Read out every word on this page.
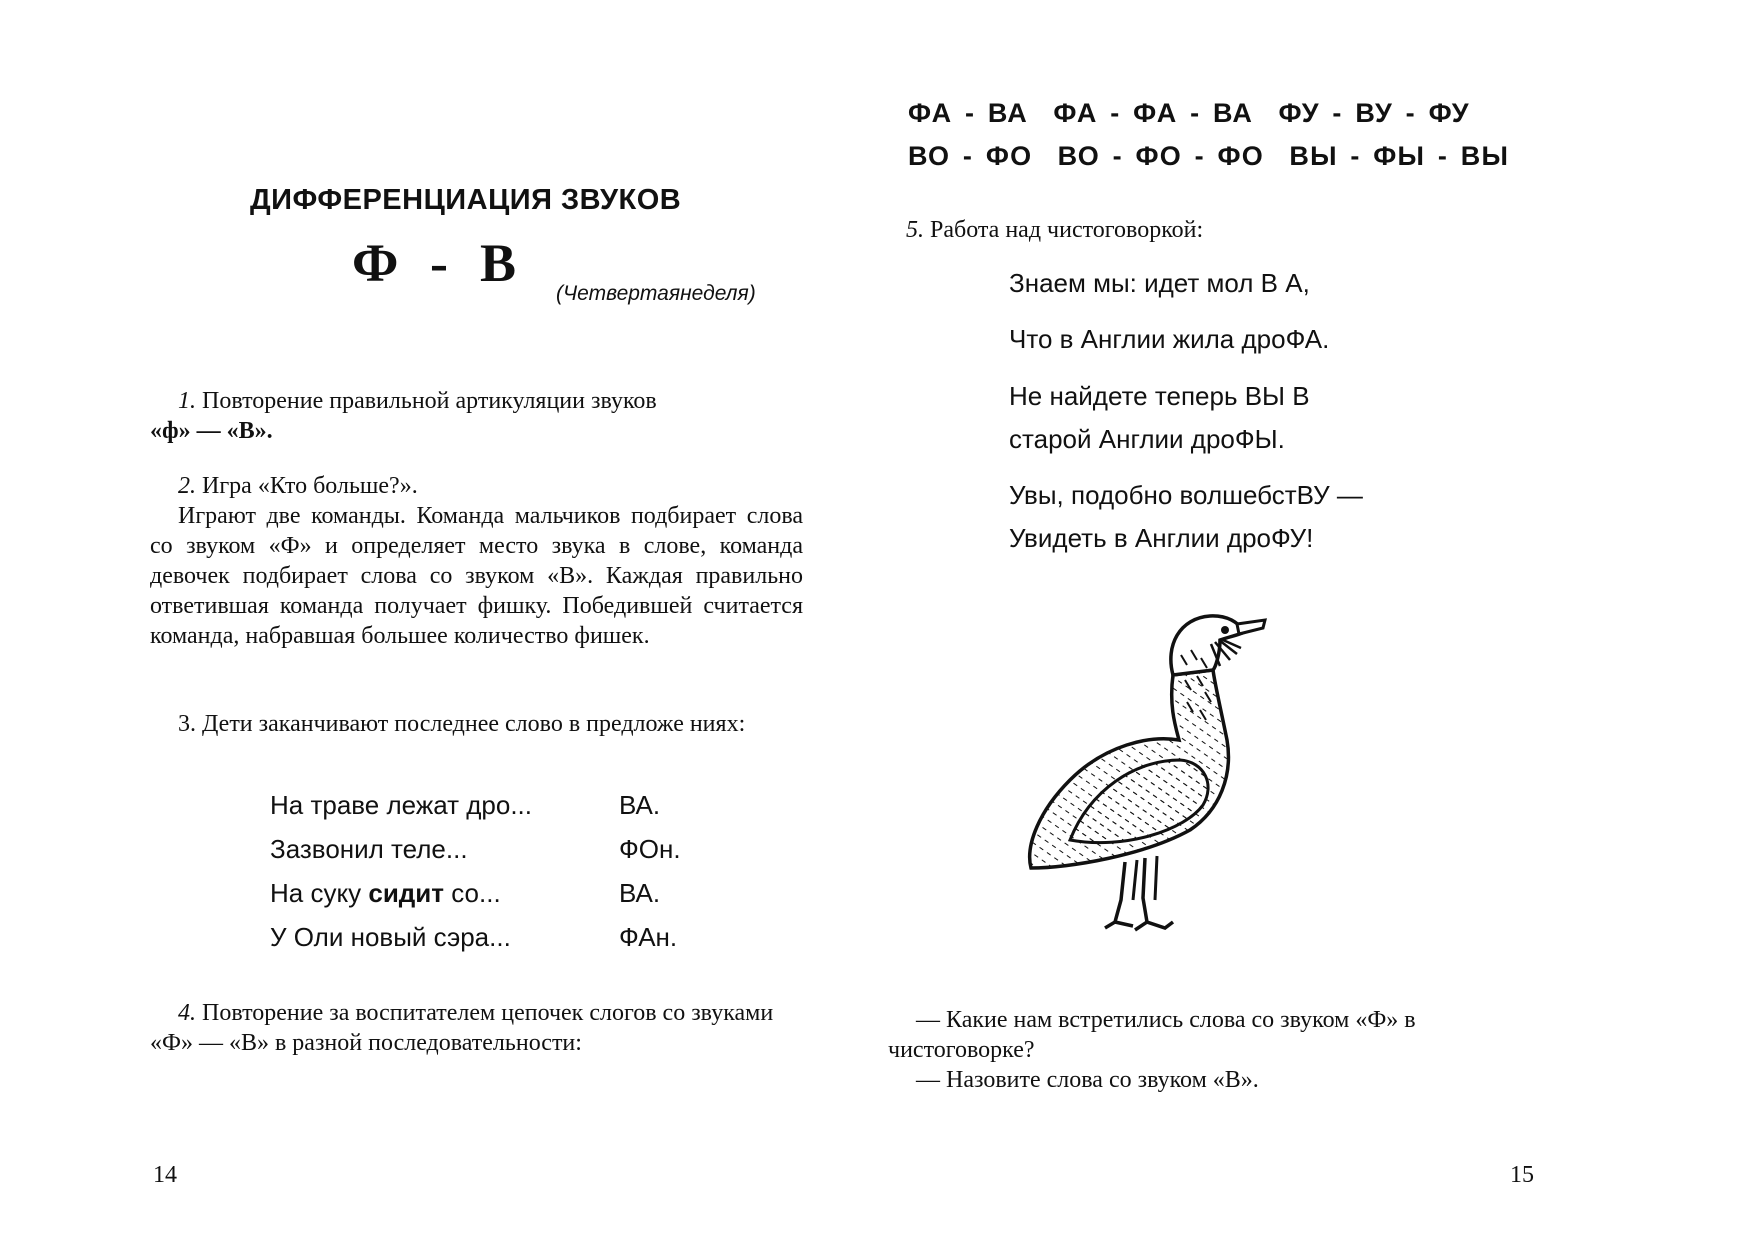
ДИФФЕРЕНЦИАЦИЯ ЗВУКОВ
Ф - В
(Четвертаянеделя)
1. Повторение правильной артикуляции звуков
«ф» — «В».
2. Игра «Кто больше?».
Играют две команды. Команда мальчиков подбирает слова со звуком «Ф» и определяет место звука в слове, команда девочек подбирает слова со звуком «В». Каждая правильно ответившая команда получает фишку. Победившей считается команда, набравшая большее количество фишек.
3. Дети заканчивают последнее слово в предложе ниях:
На траве лежат дро...	ВА.
Зазвонил теле...	ФОн.
На суку сидит со...	ВА.
У Оли новый сэра...	ФАн.
4. Повторение за воспитателем цепочек слогов со звуками «Ф» — «В» в разной последовательности:
14
ФА - ВА  ФА - ФА - ВА  ФУ - ВУ - ФУ
ВО - ФО  ВО - ФО - ФО  ВЫ - ФЫ - ВЫ
5. Работа над чистоговоркой:
Знаем мы: идет мол В А,
Что в Англии жила дроФА.
Не найдете теперь ВЫ В
старой Англии дроФЫ.
Увы, подобно волшебстВУ —
Увидеть в Англии дроФУ!
— Какие нам встретились слова со звуком «Ф» в чистоговорке?
— Назовите слова со звуком «В».
15
